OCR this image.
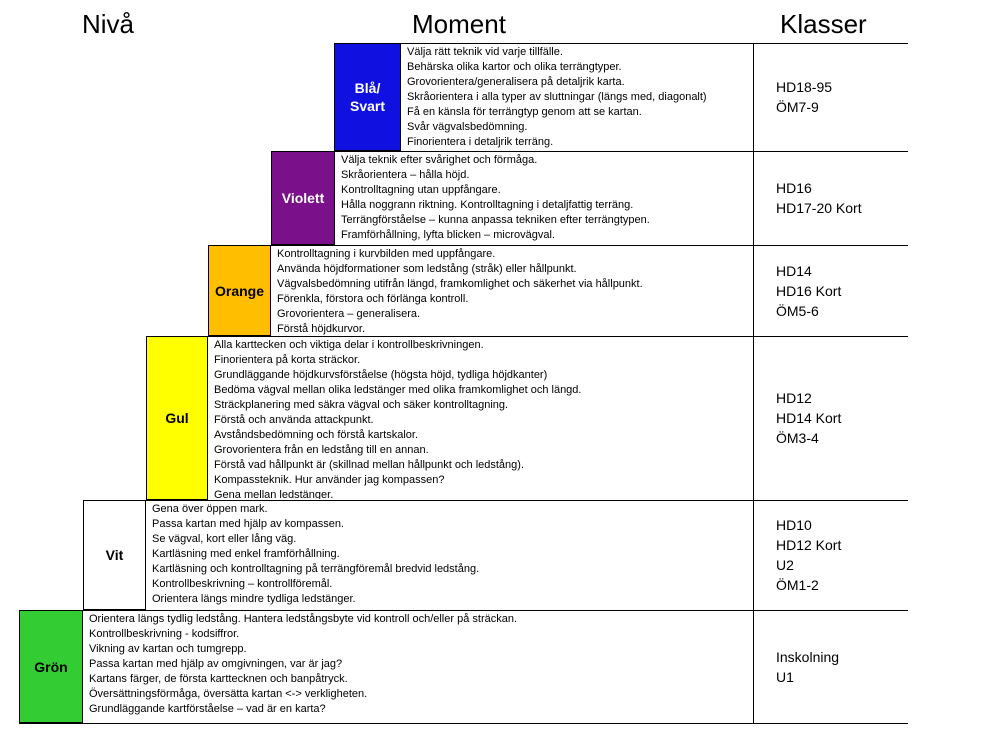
Nivå	Moment	Klasser
Blå/
Svart
Välja rätt teknik vid varje tillfälle.
Behärska olika kartor och olika terrängtyper.
Grovorientera/generalisera på detaljrik karta.
Skråorientera i alla typer av sluttningar (längs med, diagonalt)
Få en känsla för terrängtyp genom att se kartan.
Svår vägvalsbedömning.
Finorientera i detaljrik terräng.
HD18-95
ÖM7-9
Violett
Välja teknik efter svårighet och förmåga.
Skråorientera – hålla höjd.
Kontrolltagning utan uppfångare.
Hålla noggrann riktning. Kontrolltagning i detaljfattig terräng.
Terrängförståelse – kunna anpassa tekniken efter terrängtypen.
Framförhållning, lyfta blicken – microvägval.
HD16
HD17-20 Kort
Orange
Kontrolltagning i kurvbilden med uppfångare.
Använda höjdformationer som ledstång (stråk) eller hållpunkt.
Vägvalsbedömning utifrån längd, framkomlighet och säkerhet via hållpunkt.
Förenkla, förstora och förlänga kontroll.
Grovorientera – generalisera.
Förstå höjdkurvor.
HD14
HD16 Kort
ÖM5-6
Gul
Alla karttecken och viktiga delar i kontrollbeskrivningen.
Finorientera på korta sträckor.
Grundläggande höjdkurvsförståelse (högsta höjd, tydliga höjdkanter)
Bedöma vägval mellan olika ledstänger med olika framkomlighet och längd.
Sträckplanering med säkra vägval och säker kontrolltagning.
Förstå och använda attackpunkt.
Avståndsbedömning och förstå kartskalor.
Grovorientera från en ledstång till en annan.
Förstå vad hållpunkt är (skillnad mellan hållpunkt och ledstång).
Kompassteknik. Hur använder jag kompassen?
Gena mellan ledstänger.
HD12
HD14 Kort
ÖM3-4
Vit
Gena över öppen mark.
Passa kartan med hjälp av kompassen.
Se vägval, kort eller lång väg.
Kartläsning med enkel framförhållning.
Kartläsning och kontrolltagning på terrängföremål bredvid ledstång.
Kontrollbeskrivning – kontrollföremål.
Orientera längs mindre tydliga ledstänger.
HD10
HD12 Kort
U2
ÖM1-2
Grön
Orientera längs tydlig ledstång. Hantera ledstångsbyte vid kontroll och/eller på sträckan.
Kontrollbeskrivning - kodsiffror.
Vikning av kartan och tumgrepp.
Passa kartan med hjälp av omgivningen, var är jag?
Kartans färger, de första karttecknen och banpåtryck.
Översättningsförmåga, översätta kartan <-> verkligheten.
Grundläggande kartförståelse – vad är en karta?
Inskolning
U1
